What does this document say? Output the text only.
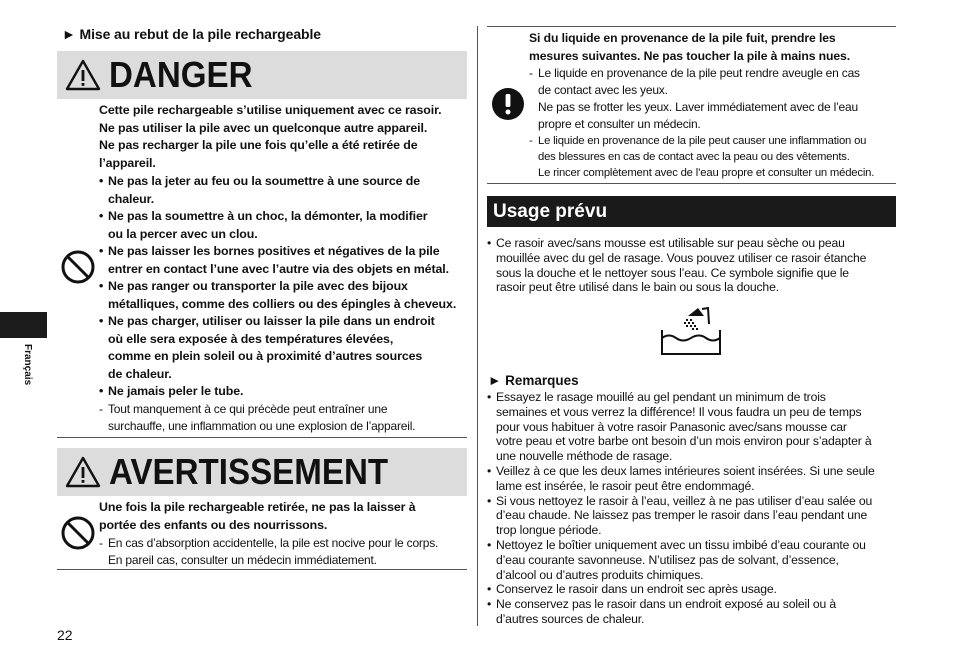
► Mise au rebut de la pile rechargeable
DANGER
Cette pile rechargeable s’utilise uniquement avec ce rasoir.
Ne pas utiliser la pile avec un quelconque autre appareil.
Ne pas recharger la pile une fois qu’elle a été retirée de
l’appareil.
• Ne pas la jeter au feu ou la soumettre à une source de
chaleur.
• Ne pas la soumettre à un choc, la démonter, la modifier
ou la percer avec un clou.
• Ne pas laisser les bornes positives et négatives de la pile
entrer en contact l’une avec l’autre via des objets en métal.
• Ne pas ranger ou transporter la pile avec des bijoux
métalliques, comme des colliers ou des épingles à cheveux.
• Ne pas charger, utiliser ou laisser la pile dans un endroit
où elle sera exposée à des températures élevées,
comme en plein soleil ou à proximité d’autres sources
de chaleur.
• Ne jamais peler le tube.
- Tout manquement à ce qui précède peut entraîner une
surchauffe, une inflammation ou une explosion de l’appareil.
AVERTISSEMENT
Une fois la pile rechargeable retirée, ne pas la laisser à
portée des enfants ou des nourrissons.
- En cas d’absorption accidentelle, la pile est nocive pour le corps.
En pareil cas, consulter un médecin immédiatement.
22
Français
Si du liquide en provenance de la pile fuit, prendre les
mesures suivantes. Ne pas toucher la pile à mains nues.
- Le liquide en provenance de la pile peut rendre aveugle en cas
de contact avec les yeux.
Ne pas se frotter les yeux. Laver immédiatement avec de l’eau
propre et consulter un médecin.
- Le liquide en provenance de la pile peut causer une inflammation ou
des blessures en cas de contact avec la peau ou des vêtements.
Le rincer complètement avec de l’eau propre et consulter un médecin.
Usage prévu
• Ce rasoir avec/sans mousse est utilisable sur peau sèche ou peau
mouillée avec du gel de rasage. Vous pouvez utiliser ce rasoir étanche
sous la douche et le nettoyer sous l’eau. Ce symbole signifie que le
rasoir peut être utilisé dans le bain ou sous la douche.
► Remarques
• Essayez le rasage mouillé au gel pendant un minimum de trois
semaines et vous verrez la différence! Il vous faudra un peu de temps
pour vous habituer à votre rasoir Panasonic avec/sans mousse car
votre peau et votre barbe ont besoin d’un mois environ pour s’adapter à
une nouvelle méthode de rasage.
• Veillez à ce que les deux lames intérieures soient insérées. Si une seule
lame est insérée, le rasoir peut être endommagé.
• Si vous nettoyez le rasoir à l’eau, veillez à ne pas utiliser d’eau salée ou
d’eau chaude. Ne laissez pas tremper le rasoir dans l’eau pendant une
trop longue période.
• Nettoyez le boîtier uniquement avec un tissu imbibé d’eau courante ou
d’eau courante savonneuse. N’utilisez pas de solvant, d’essence,
d’alcool ou d’autres produits chimiques.
• Conservez le rasoir dans un endroit sec après usage.
• Ne conservez pas le rasoir dans un endroit exposé au soleil ou à
d’autres sources de chaleur.
